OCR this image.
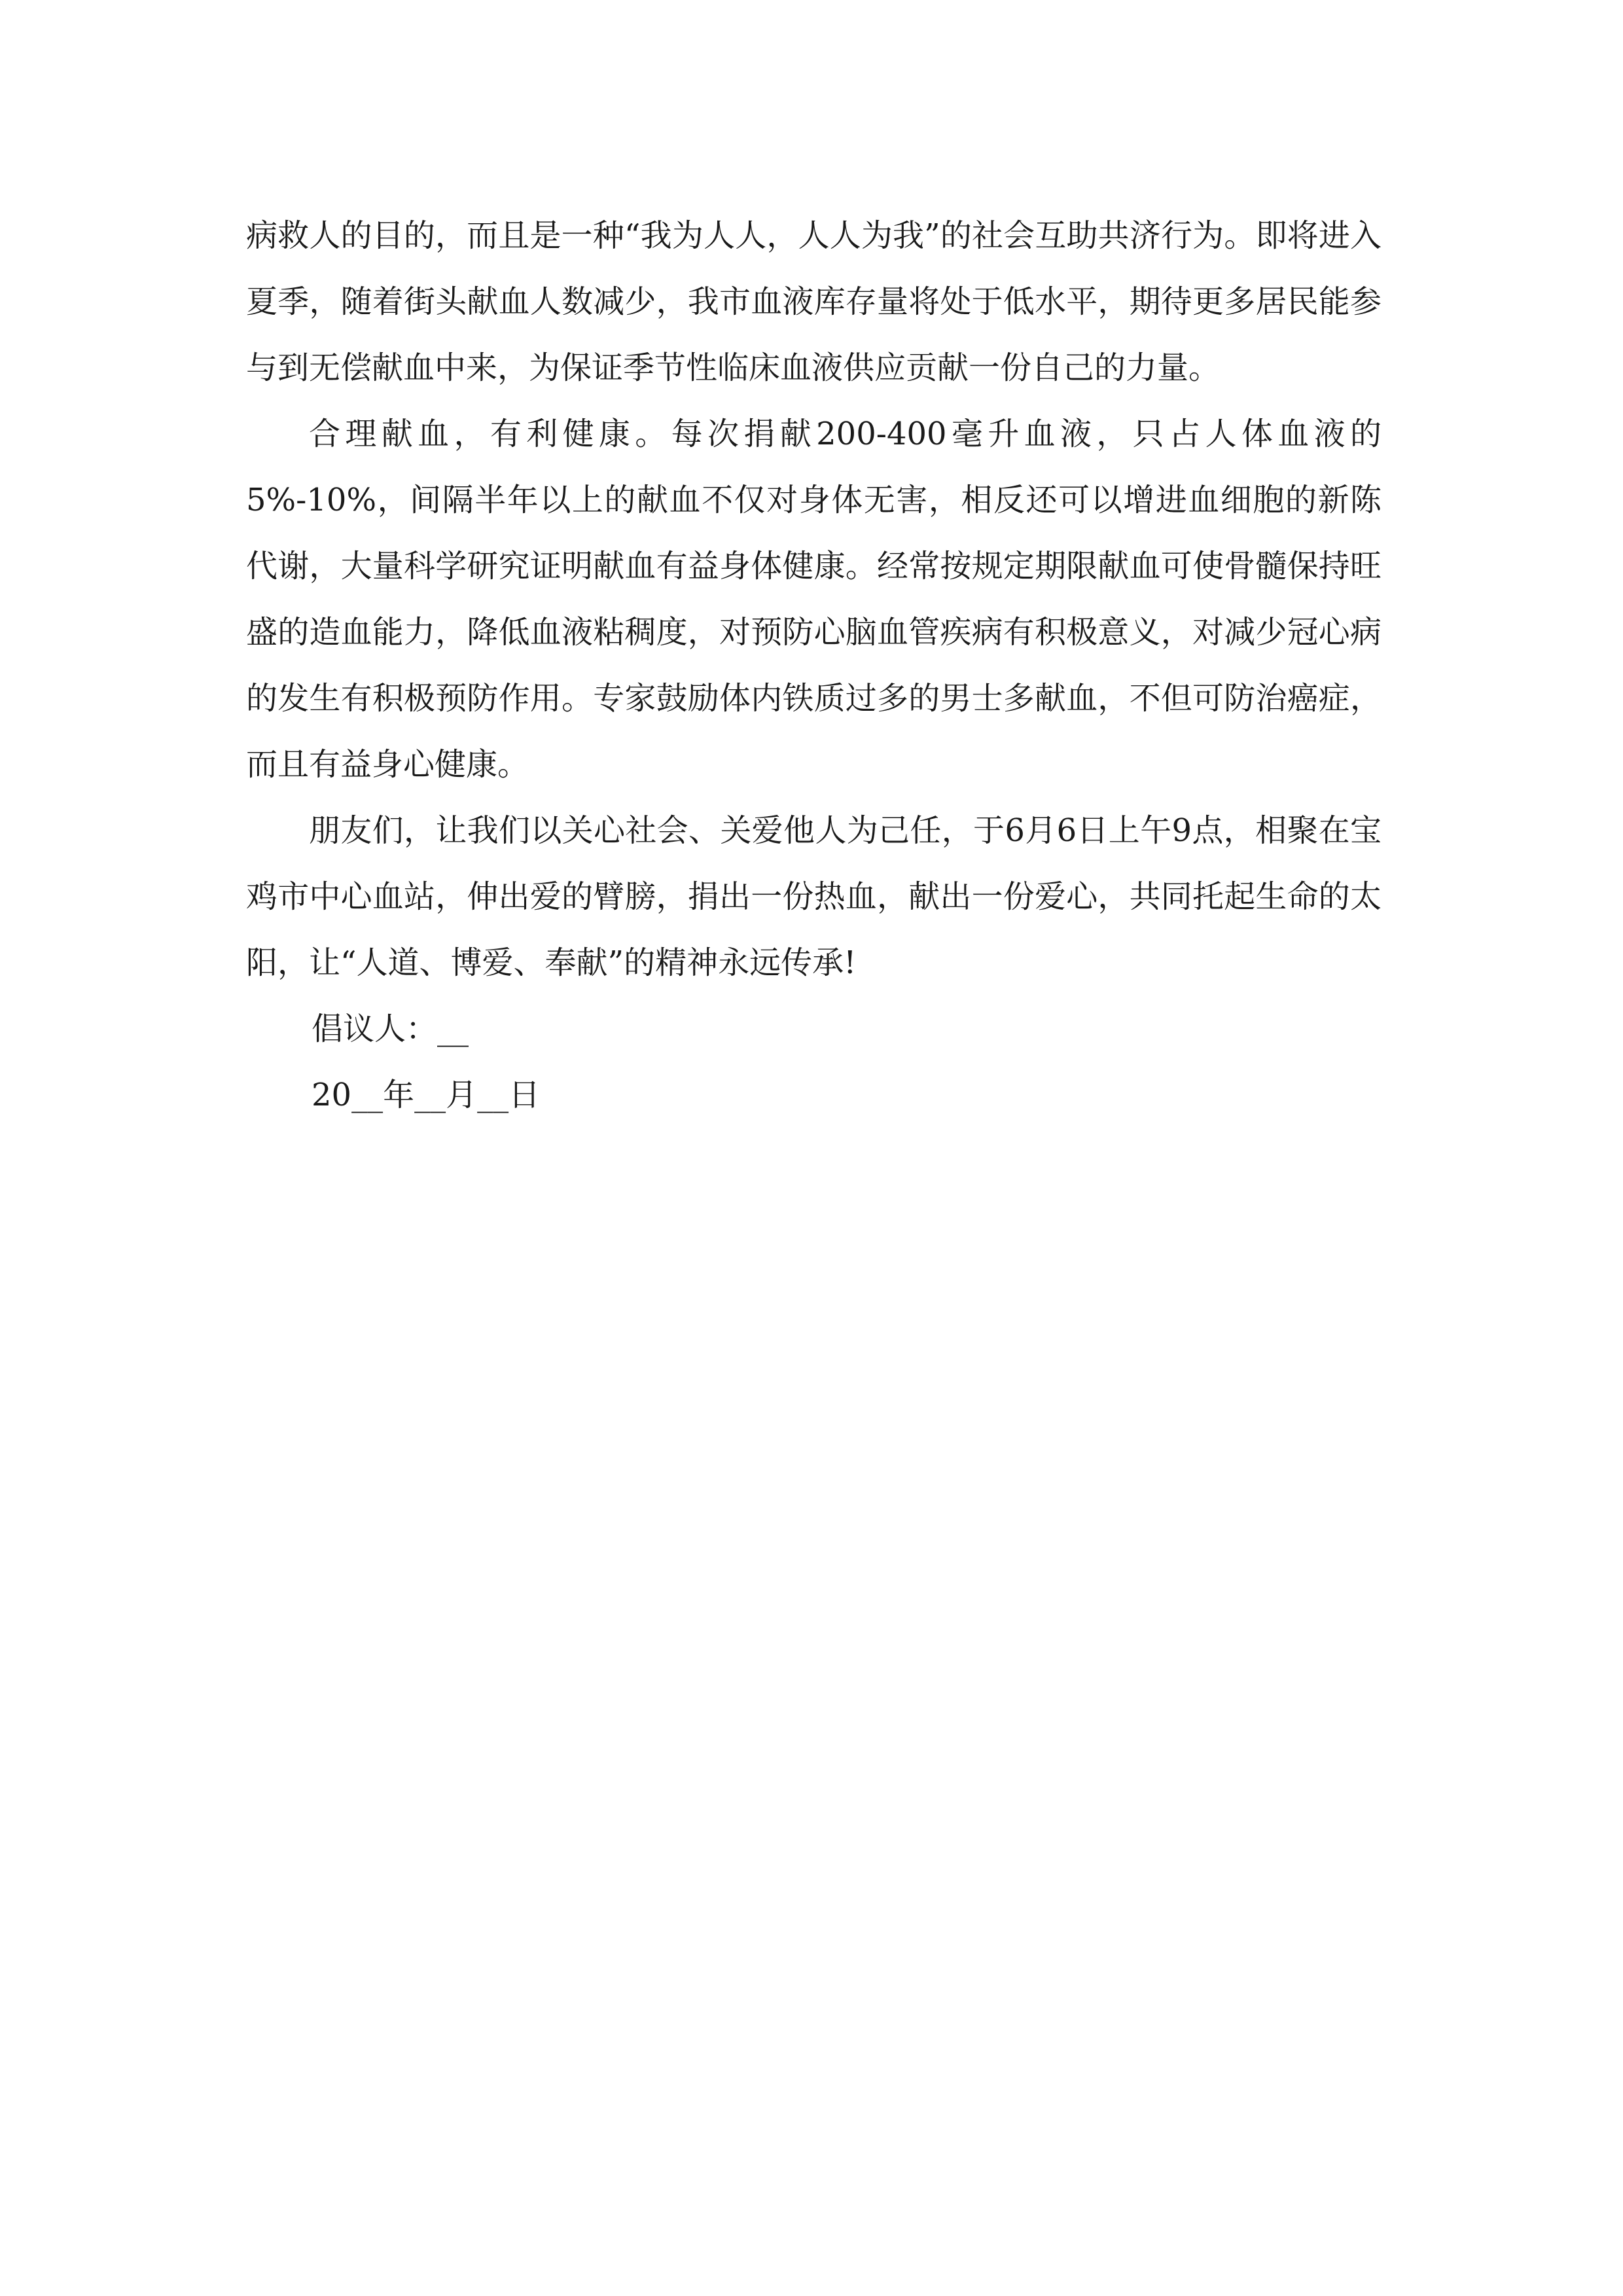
病救人的目的，而且是一种“我为人人，人人为我”的社会互助共济行为。即将进入夏季，随着街头献血人数减少，我市血液库存量将处于低水平，期待更多居民能参与到无偿献血中来，为保证季节性临床血液供应贡献一份自己的力量。

合理献血，有利健康。每次捐献200-400毫升血液，只占人体血液的5%-10%，间隔半年以上的献血不仅对身体无害，相反还可以增进血细胞的新陈代谢，大量科学研究证明献血有益身体健康。经常按规定期限献血可使骨髓保持旺盛的造血能力，降低血液粘稠度，对预防心脑血管疾病有积极意义，对减少冠心病的发生有积极预防作用。专家鼓励体内铁质过多的男士多献血，不但可防治癌症，而且有益身心健康。

朋友们，让我们以关心社会、关爱他人为己任，于6月6日上午9点，相聚在宝鸡市中心血站，伸出爱的臂膀，捐出一份热血，献出一份爱心，共同托起生命的太阳，让“人道、博爱、奉献”的精神永远传承!

倡议人：__

20__年__月__日
